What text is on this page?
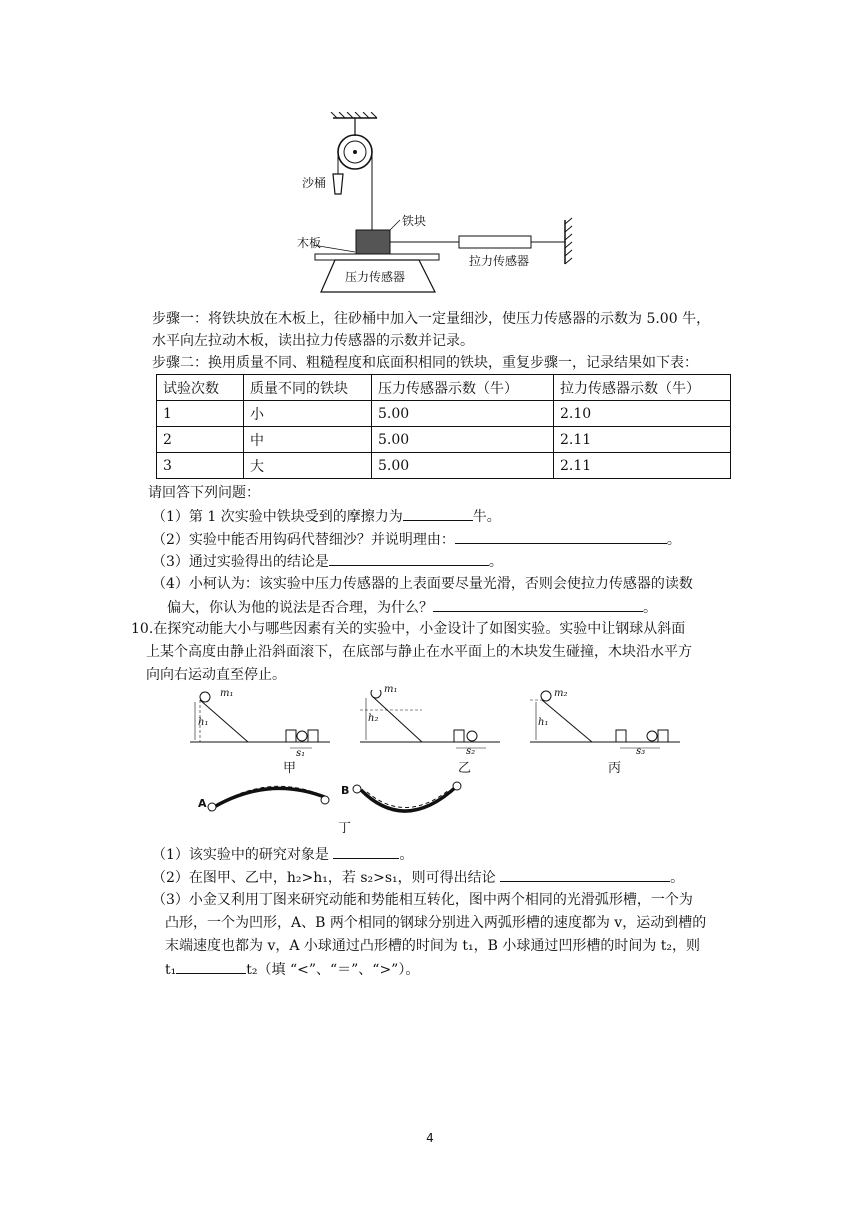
沙桶
铁块
木板
压力传感器
拉力传感器
步骤一：将铁块放在木板上，往砂桶中加入一定量细沙，使压力传感器的示数为 5.00 牛，
水平向左拉动木板，读出拉力传感器的示数并记录。
步骤二：换用质量不同、粗糙程度和底面积相同的铁块，重复步骤一，记录结果如下表：
试验次数	质量不同的铁块	压力传感器示数（牛）	拉力传感器示数（牛）
1	小	5.00	2.10
2	中	5.00	2.11
3	大	5.00	2.11
请回答下列问题：
（1）第 1 次实验中铁块受到的摩擦力为	牛。
（2）实验中能否用钩码代替细沙？并说明理由：	。
（3）通过实验得出的结论是	。
（4）小柯认为：该实验中压力传感器的上表面要尽量光滑，否则会使拉力传感器的读数
偏大，你认为他的说法是否合理，为什么？	。
10.在探究动能大小与哪些因素有关的实验中，小金设计了如图实验。实验中让钢球从斜面
上某个高度由静止沿斜面滚下，在底部与静止在水平面上的木块发生碰撞，木块沿水平方
向向右运动直至停止。
m₁	m₁	m₂
h₁	h₂	h₁
s₁	s₂	s₃
甲	乙	丙
A
B
丁
（1）该实验中的研究对象是	。
（2）在图甲、乙中，h₂>h₁，若 s₂>s₁，则可得出结论	。
（3）小金又利用丁图来研究动能和势能相互转化，图中两个相同的光滑弧形槽，一个为
凸形，一个为凹形，A、B 两个相同的钢球分别进入两弧形槽的速度都为 v，运动到槽的
末端速度也都为 v，A 小球通过凸形槽的时间为 t₁，B 小球通过凹形槽的时间为 t₂，则
t₁	t₂（填 “<”、“＝”、“>”）。
4
